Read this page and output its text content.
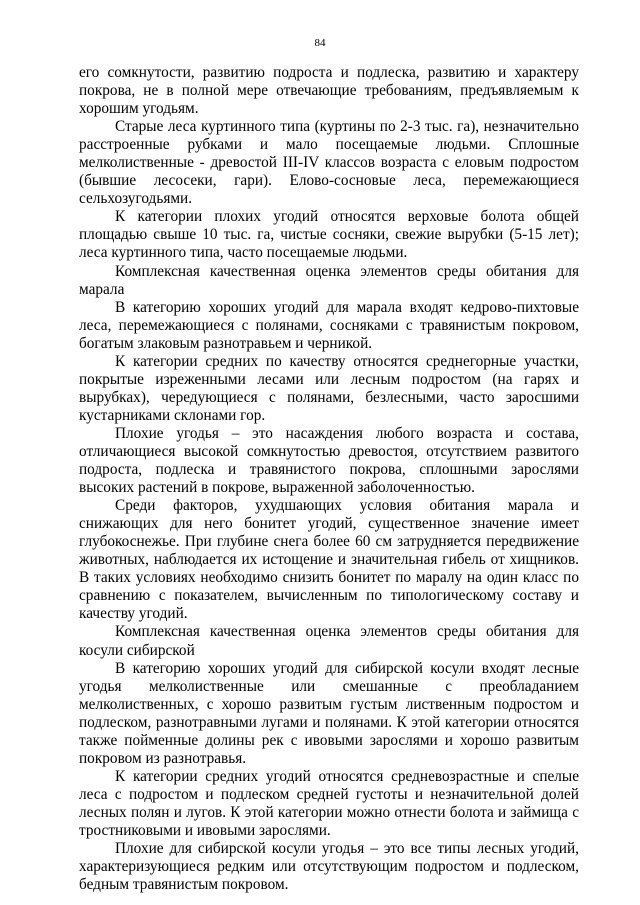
84

его сомкнутости, развитию подроста и подлеска, развитию и характеру покрова, не в полной мере отвечающие требованиям, предъявляемым к хорошим угодьям.

Старые леса куртинного типа (куртины по 2-3 тыс. га), незначительно расстроенные рубками и мало посещаемые людьми. Сплошные мелколиственные - древостой III-IV классов возраста с еловым подростом (бывшие лесосеки, гари). Елово-сосновые леса, перемежающиеся сельхозугодьями.

К категории плохих угодий относятся верховые болота общей площадью свыше 10 тыс. га, чистые сосняки, свежие вырубки (5-15 лет); леса куртинного типа, часто посещаемые людьми.

Комплексная качественная оценка элементов среды обитания для марала

В категорию хороших угодий для марала входят кедрово-пихтовые леса, перемежающиеся с полянами, сосняками с травянистым покровом, богатым злаковым разнотравьем и черникой.

К категории средних по качеству относятся среднегорные участки, покрытые изреженными лесами или лесным подростом (на гарях и вырубках), чередующиеся с полянами, безлесными, часто заросшими кустарниками склонами гор.

Плохие угодья – это насаждения любого возраста и состава, отличающиеся высокой сомкнутостью древостоя, отсутствием развитого подроста, подлеска и травянистого покрова, сплошными зарослями высоких растений в покрове, выраженной заболоченностью.

Среди факторов, ухудшающих условия обитания марала и снижающих для него бонитет угодий, существенное значение имеет глубокоснежье. При глубине снега более 60 см затрудняется передвижение животных, наблюдается их истощение и значительная гибель от хищников. В таких условиях необходимо снизить бонитет по маралу на один класс по сравнению с показателем, вычисленным по типологическому составу и качеству угодий.

Комплексная качественная оценка элементов среды обитания для косули сибирской

В категорию хороших угодий для сибирской косули входят лесные угодья мелколиственные или смешанные с преобладанием мелколиственных, с хорошо развитым густым лиственным подростом и подлеском, разнотравными лугами и полянами. К этой категории относятся также пойменные долины рек с ивовыми зарослями и хорошо развитым покровом из разнотравья.

К категории средних угодий относятся средневозрастные и спелые леса с подростом и подлеском средней густоты и незначительной долей лесных полян и лугов. К этой категории можно отнести болота и займища с тростниковыми и ивовыми зарослями.

Плохие для сибирской косули угодья – это все типы лесных угодий, характеризующиеся редким или отсутствующим подростом и подлеском, бедным травянистым покровом.
